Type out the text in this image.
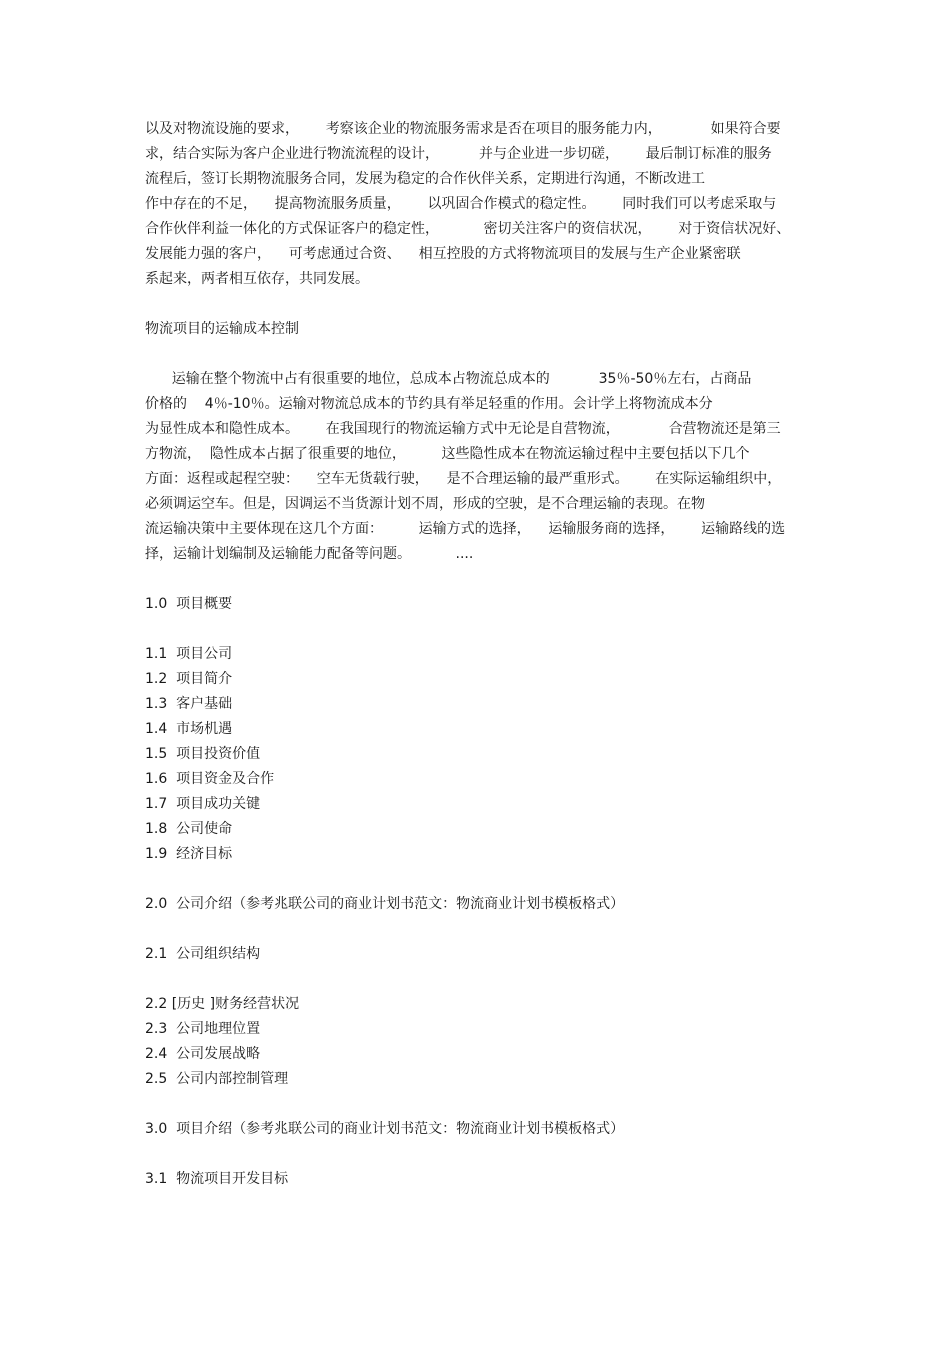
以及对物流设施的要求，      考察该企业的物流服务需求是否在项目的服务能力内，           如果符合要
求，结合实际为客户企业进行物流流程的设计，         并与企业进一步切磋，      最后制订标准的服务
流程后，签订长期物流服务合同，发展为稳定的合作伙伴关系，定期进行沟通，不断改进工
作中存在的不足，    提高物流服务质量，      以巩固合作模式的稳定性。      同时我们可以考虑采取与
合作伙伴利益一体化的方式保证客户的稳定性，          密切关注客户的资信状况，      对于资信状况好、
发展能力强的客户，    可考虑通过合资、    相互控股的方式将物流项目的发展与生产企业紧密联
系起来，两者相互依存，共同发展。
物流项目的运输成本控制
运输在整个物流中占有很重要的地位，总成本占物流总成本的           35％-50％左右，占商品
价格的    4％-10％。运输对物流总成本的节约具有举足轻重的作用。会计学上将物流成本分
为显性成本和隐性成本。      在我国现行的物流运输方式中无论是自营物流，           合营物流还是第三
方物流，  隐性成本占据了很重要的地位，        这些隐性成本在物流运输过程中主要包括以下几个
方面：返程或起程空驶：    空车无货载行驶，    是不合理运输的最严重形式。      在实际运输组织中，
必须调运空车。但是，因调运不当货源计划不周，形成的空驶，是不合理运输的表现。在物
流运输决策中主要体现在这几个方面：        运输方式的选择，    运输服务商的选择，      运输路线的选
择，运输计划编制及运输能力配备等问题。          ....
1.0  项目概要
1.1  项目公司
1.2  项目简介
1.3  客户基础
1.4  市场机遇
1.5  项目投资价值
1.6  项目资金及合作
1.7  项目成功关键
1.8  公司使命
1.9  经济目标
2.0  公司介绍（参考兆联公司的商业计划书范文：物流商业计划书模板格式）
2.1  公司组织结构
2.2 [历史 ]财务经营状况
2.3  公司地理位置
2.4  公司发展战略
2.5  公司内部控制管理
3.0  项目介绍（参考兆联公司的商业计划书范文：物流商业计划书模板格式）
3.1  物流项目开发目标
